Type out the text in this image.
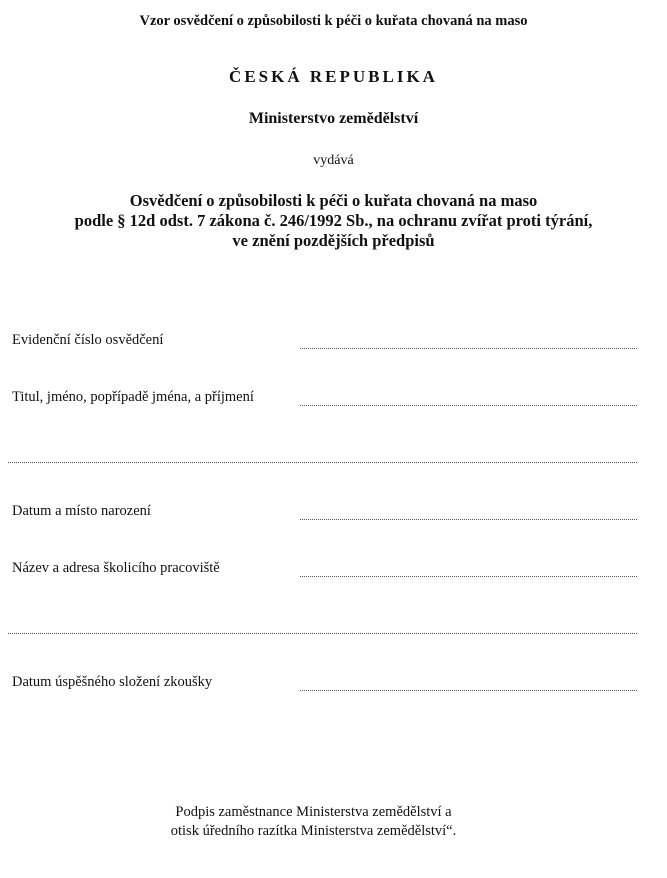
Vzor osvědčení o způsobilosti k péči o kuřata chovaná na maso
ČESKÁ REPUBLIKA
Ministerstvo zemědělství
vydává
Osvědčení o způsobilosti k péči o kuřata chovaná na maso
podle § 12d odst. 7 zákona č. 246/1992 Sb., na ochranu zvířat proti týrání,
ve znění pozdějších předpisů
Evidenční číslo osvědčení
Titul, jméno, popřípadě jména, a příjmení
Datum a místo narození
Název a adresa školicího pracoviště
Datum úspěšného složení zkoušky
Podpis zaměstnance Ministerstva zemědělství a
otisk úředního razítka Ministerstva zemědělství“.
